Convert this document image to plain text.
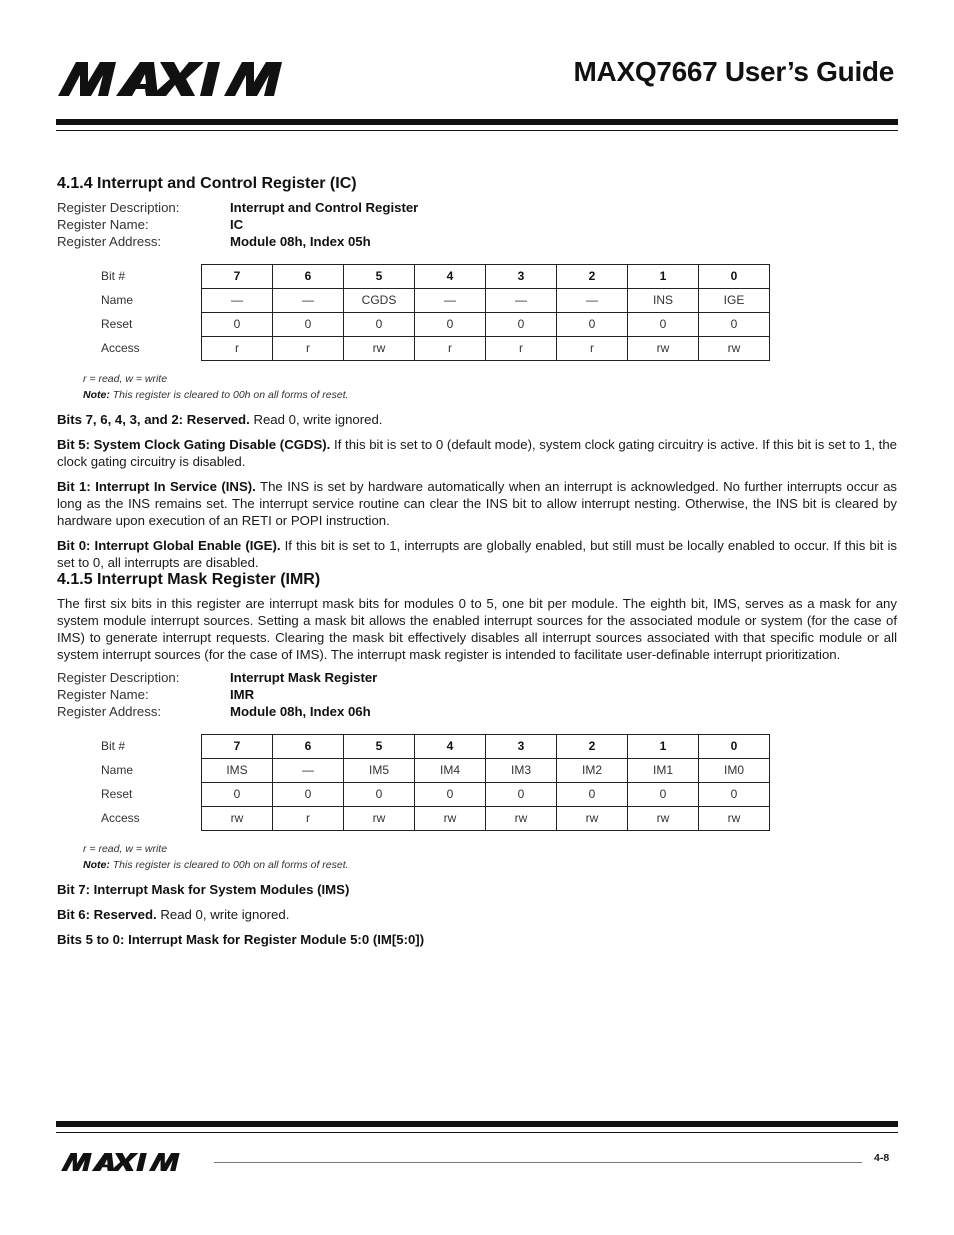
MAXQ7667 User’s Guide
4.1.4 Interrupt and Control Register (IC)
Register Description:	Interrupt and Control Register
Register Name:	IC
Register Address:	Module 08h, Index 05h
Bit #	7	6	5	4	3	2	1	0
Name	—	—	CGDS	—	—	—	INS	IGE
Reset	0	0	0	0	0	0	0	0
Access	r	r	rw	r	r	r	rw	rw
r = read, w = write
Note: This register is cleared to 00h on all forms of reset.

Bits 7, 6, 4, 3, and 2: Reserved. Read 0, write ignored.

Bit 5: System Clock Gating Disable (CGDS). If this bit is set to 0 (default mode), system clock gating circuitry is active. If this bit is set to 1, the clock gating circuitry is disabled.

Bit 1: Interrupt In Service (INS). The INS is set by hardware automatically when an interrupt is acknowledged. No further interrupts occur as long as the INS remains set. The interrupt service routine can clear the INS bit to allow interrupt nesting. Otherwise, the INS bit is cleared by hardware upon execution of an RETI or POPI instruction.

Bit 0: Interrupt Global Enable (IGE). If this bit is set to 1, interrupts are globally enabled, but still must be locally enabled to occur. If this bit is set to 0, all interrupts are disabled.

4.1.5 Interrupt Mask Register (IMR)

The first six bits in this register are interrupt mask bits for modules 0 to 5, one bit per module. The eighth bit, IMS, serves as a mask for any system module interrupt sources. Setting a mask bit allows the enabled interrupt sources for the associated module or system (for the case of IMS) to generate interrupt requests. Clearing the mask bit effectively disables all interrupt sources associated with that specific module or all system interrupt sources (for the case of IMS). The interrupt mask register is intended to facilitate user-definable interrupt prioritization.

Register Description:	Interrupt Mask Register
Register Name:	IMR
Register Address:	Module 08h, Index 06h
Bit #	7	6	5	4	3	2	1	0
Name	IMS	—	IM5	IM4	IM3	IM2	IM1	IM0
Reset	0	0	0	0	0	0	0	0
Access	rw	r	rw	rw	rw	rw	rw	rw
r = read, w = write
Note: This register is cleared to 00h on all forms of reset.

Bit 7: Interrupt Mask for System Modules (IMS)

Bit 6: Reserved. Read 0, write ignored.

Bits 5 to 0: Interrupt Mask for Register Module 5:0 (IM[5:0])

4-8
